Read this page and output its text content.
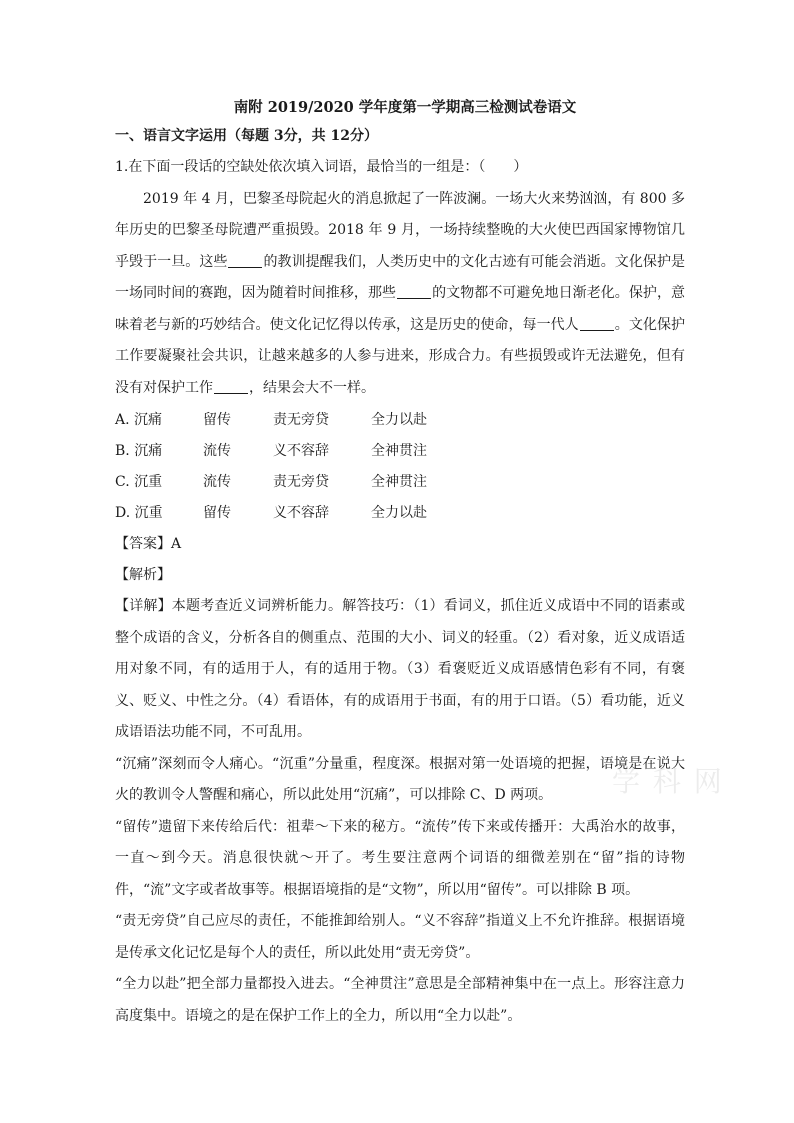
学 科 网
南附 2019/2020 学年度第一学期高三检测试卷语文
一、语言文字运用（每题 3分，共 12分）
1.在下面一段话的空缺处依次填入词语，最恰当的一组是：（　　）

2019 年 4 月，巴黎圣母院起火的消息掀起了一阵波澜。一场大火来势汹汹，有 800 多年历史的巴黎圣母院遭严重损毁。2018 年 9 月，一场持续整晚的大火使巴西国家博物馆几乎毁于一旦。这些	的教训提醒我们，人类历史中的文化古迹有可能会消逝。文化保护是一场同时间的赛跑，因为随着时间推移，那些	的文物都不可避免地日渐老化。保护，意味着老与新的巧妙结合。使文化记忆得以传承，这是历史的使命，每一代人	。文化保护工作要凝聚社会共识，让越来越多的人参与进来，形成合力。有些损毁或许无法避免，但有没有对保护工作	，结果会大不一样。

A. 沉痛	留传	责无旁贷	全力以赴
B. 沉痛	流传	义不容辞	全神贯注
C. 沉重	流传	责无旁贷	全神贯注
D. 沉重	留传	义不容辞	全力以赴
【答案】A
【解析】

【详解】本题考查近义词辨析能力。解答技巧：（1）看词义，抓住近义成语中不同的语素或整个成语的含义，分析各自的侧重点、范围的大小、词义的轻重。（2）看对象，近义成语适用对象不同，有的适用于人，有的适用于物。（3）看褒贬近义成语感情色彩有不同，有褒义、贬义、中性之分。（4）看语体，有的成语用于书面，有的用于口语。（5）看功能，近义成语语法功能不同，不可乱用。

“沉痛”深刻而令人痛心。“沉重”分量重，程度深。根据对第一处语境的把握，语境是在说大火的教训令人警醒和痛心，所以此处用“沉痛”，可以排除 C、D 两项。

“留传”遗留下来传给后代：祖辈～下来的秘方。“流传”传下来或传播开：大禹治水的故事，一直～到今天。消息很快就～开了。考生要注意两个词语的细微差别在“留”指的诗物件，“流”文字或者故事等。根据语境指的是“文物”，所以用“留传”。可以排除 B 项。

“责无旁贷”自己应尽的责任，不能推卸给别人。“义不容辞”指道义上不允许推辞。根据语境是传承文化记忆是每个人的责任，所以此处用“责无旁贷”。

“全力以赴”把全部力量都投入进去。“全神贯注”意思是全部精神集中在一点上。形容注意力高度集中。语境之的是在保护工作上的全力，所以用“全力以赴”。
